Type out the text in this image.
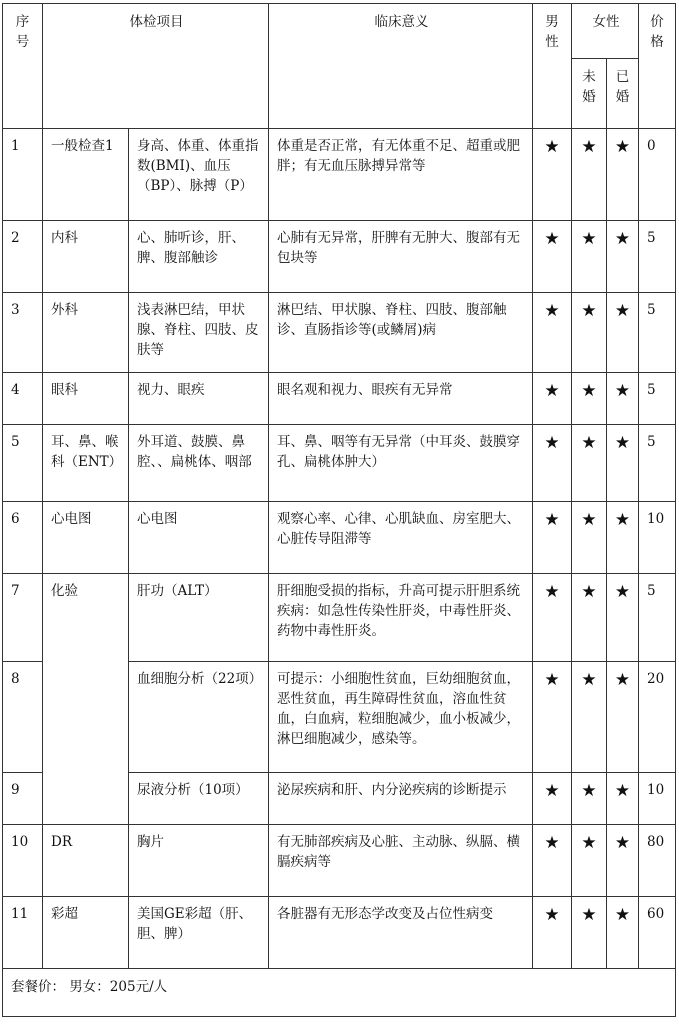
序号	体检项目		临床意义	男性	女性		价格

					未婚	已婚	

1	一般检查1	身高、体重、体重指数(BMI)、血压（BP）、脉搏（P）	体重是否正常，有无体重不足、超重或肥胖；有无血压脉搏异常等	★	★	★	0

2	内科	心、肺听诊，肝、脾、腹部触诊	心肺有无异常，肝脾有无肿大、腹部有无包块等	★	★	★	5

3	外科	浅表淋巴结，甲状腺、脊柱、四肢、皮肤等	淋巴结、甲状腺、脊柱、四肢、腹部触诊、直肠指诊等(或鳞屑)病	★	★	★	5

4	眼科	视力、眼疾	眼名观和视力、眼疾有无异常	★	★	★	5

5	耳、鼻、喉科（ENT）	外耳道、鼓膜、鼻腔、、扁桃体、咽部	耳、鼻、咽等有无异常（中耳炎、鼓膜穿孔、扁桃体肿大）	★	★	★	5

6	心电图	心电图	观察心率、心律、心肌缺血、房室肥大、心脏传导阻滞等	★	★	★	10

7	化验	肝功（ALT）	肝细胞受损的指标，升高可提示肝胆系统疾病：如急性传染性肝炎，中毒性肝炎、药物中毒性肝炎。	★	★	★	5

8		血细胞分析（22项）	可提示：小细胞性贫血，巨幼细胞贫血，恶性贫血，再生障碍性贫血，溶血性贫血，白血病，粒细胞减少，血小板减少，淋巴细胞减少，感染等。	★	★	★	20

9		尿液分析（10项）	泌尿疾病和肝、内分泌疾病的诊断提示	★	★	★	10

10	DR	胸片	有无肺部疾病及心脏、主动脉、纵膈、横膈疾病等	★	★	★	80

11	彩超	美国GE彩超（肝、胆、脾）	各脏器有无形态学改变及占位性病变	★	★	★	60

套餐价： 男女：205元/人							
